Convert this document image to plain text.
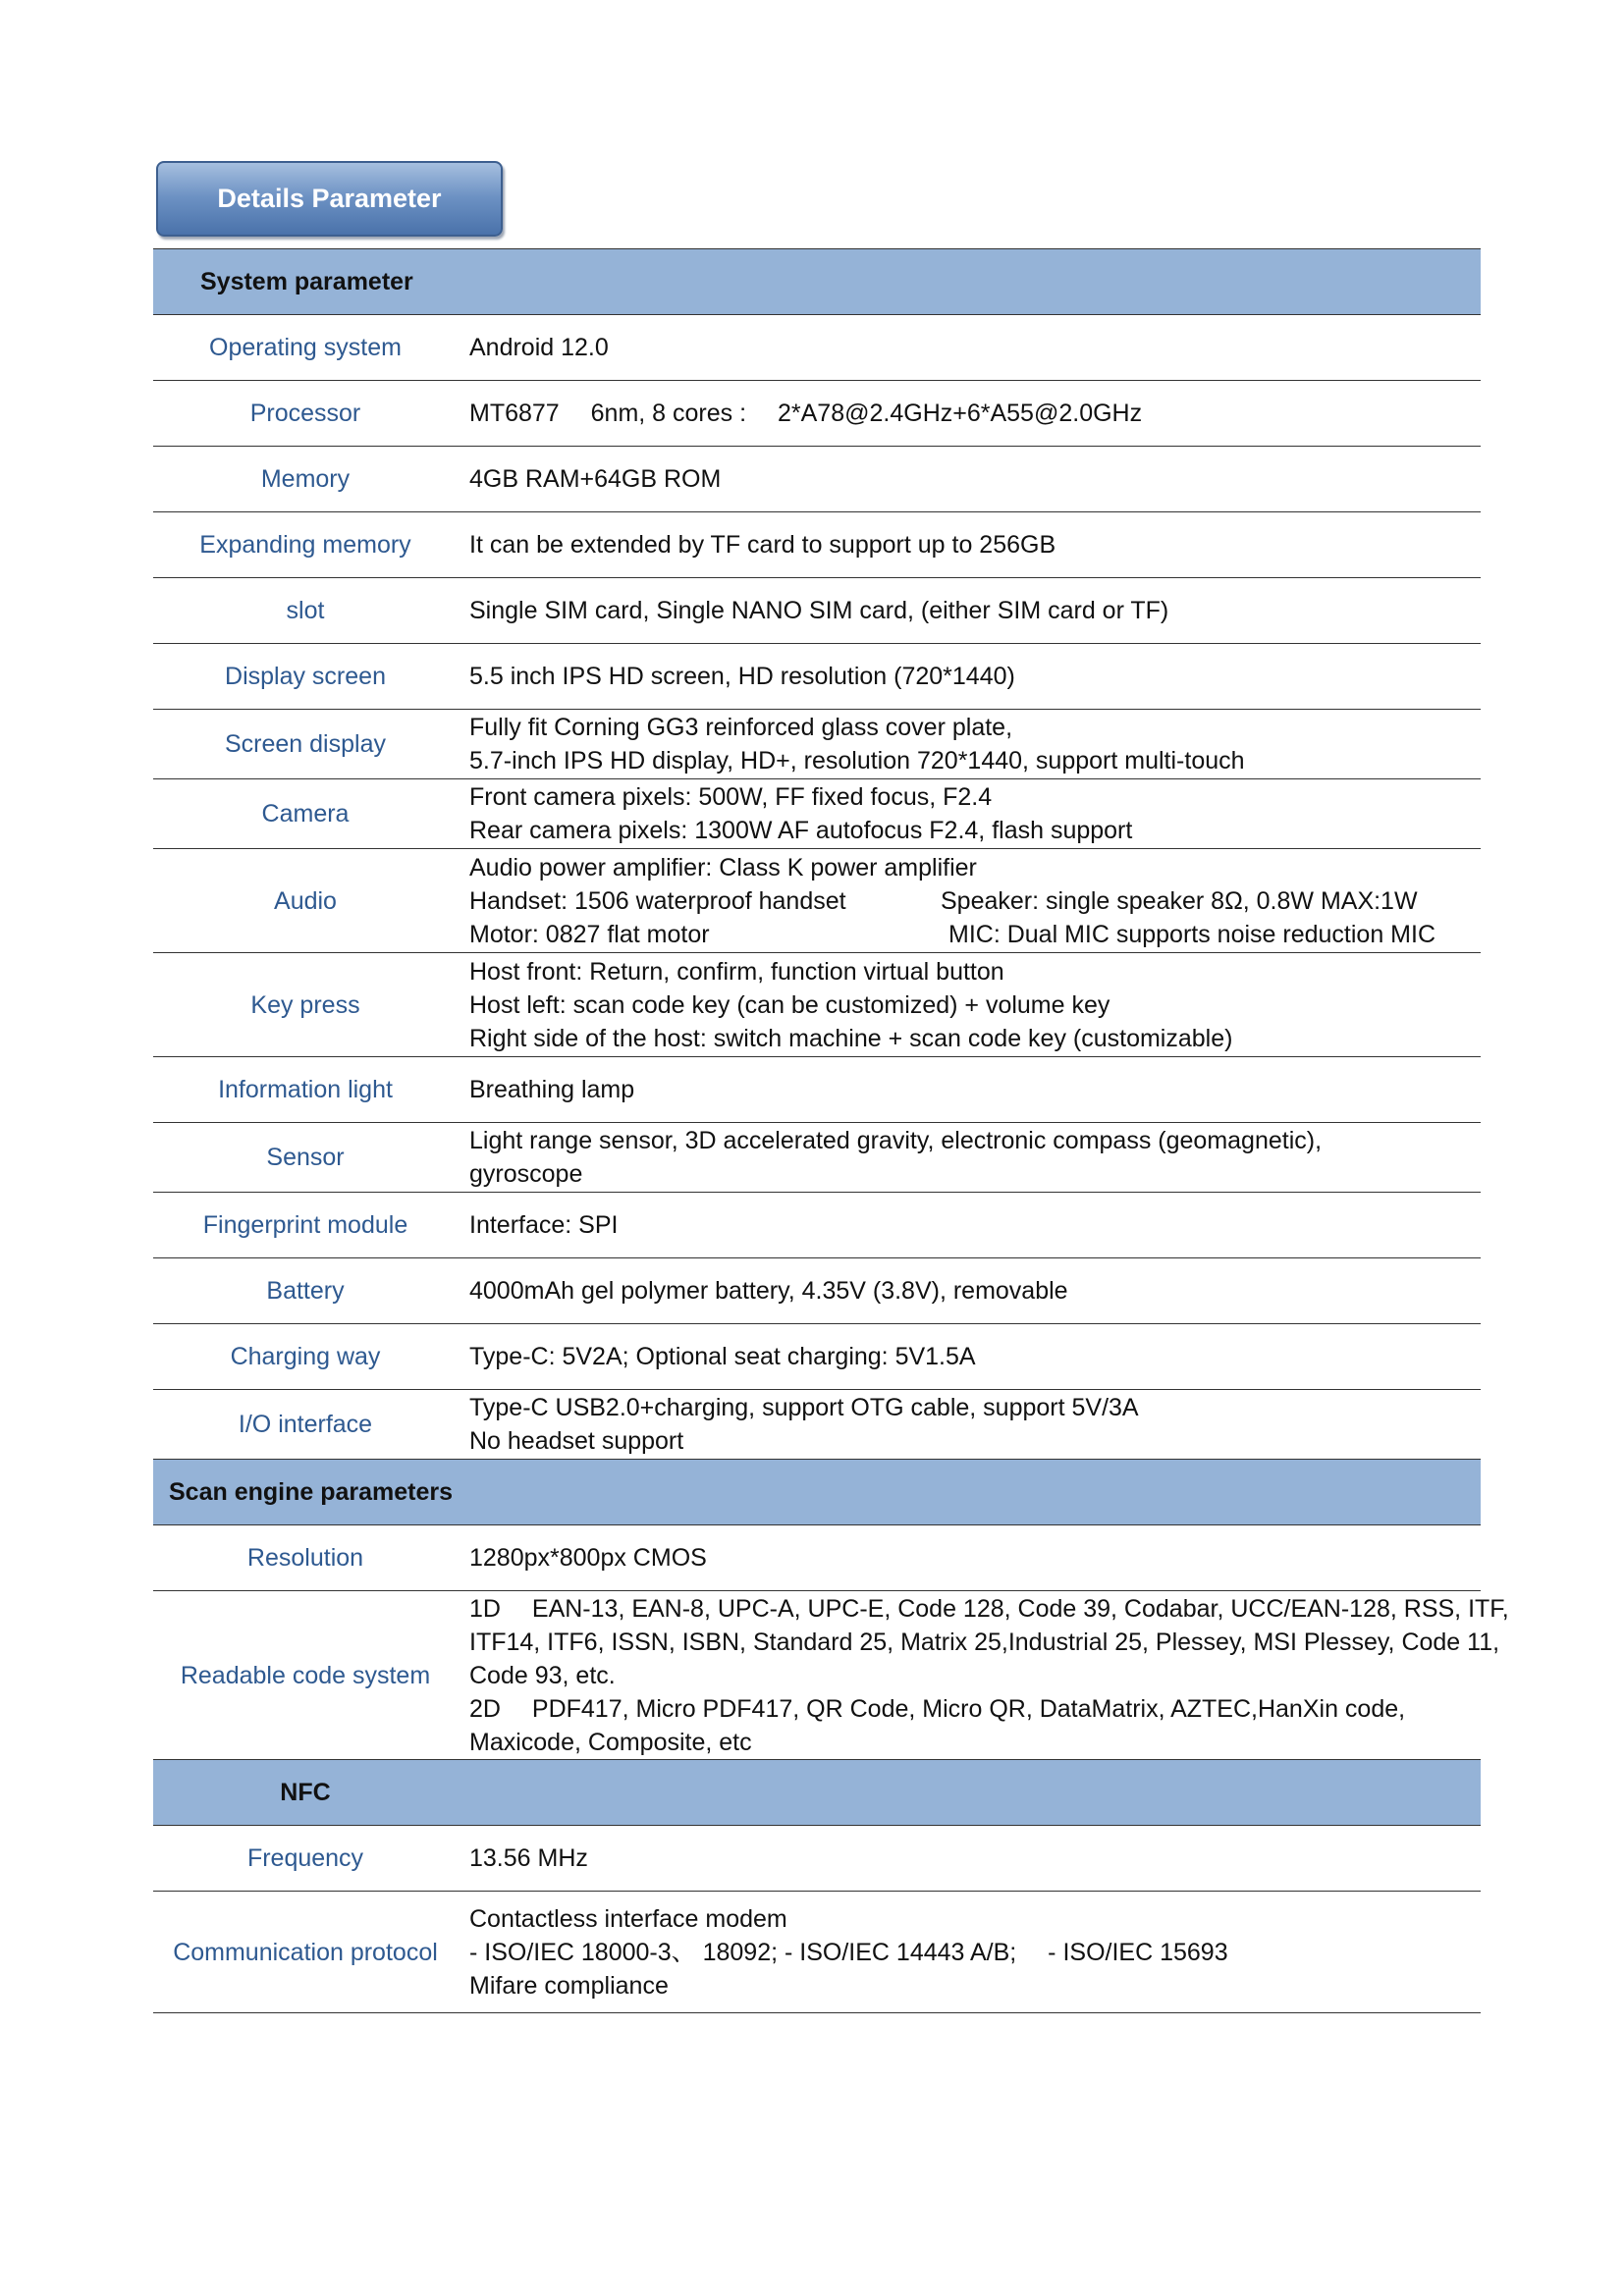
Details Parameter
System parameter	
Operating system	Android 12.0

Processor	MT6877  6nm, 8 cores :  2*A78@2.4GHz+6*A55@2.0GHz

Memory	4GB RAM+64GB ROM

Expanding memory	It can be extended by TF card to support up to 256GB

slot	Single SIM card, Single NANO SIM card, (either SIM card or TF)

Display screen	5.5 inch IPS HD screen, HD resolution (720*1440)

Screen display	Fully fit Corning GG3 reinforced glass cover plate,
5.7-inch IPS HD display, HD+, resolution 720*1440, support multi-touch

Camera	Front camera pixels: 500W, FF fixed focus, F2.4
Rear camera pixels: 1300W AF autofocus F2.4, flash support

Audio	Audio power amplifier: Class K power amplifier
Handset: 1506 waterproof handset Speaker: single speaker 8Ω, 0.8W MAX:1W
Motor: 0827 flat motor MIC: Dual MIC supports noise reduction MIC

Key press	Host front: Return, confirm, function virtual button
Host left: scan code key (can be customized) + volume key
Right side of the host: switch machine + scan code key (customizable)

Information light	Breathing lamp

Sensor	Light range sensor, 3D accelerated gravity, electronic compass (geomagnetic),
gyroscope

Fingerprint module	Interface: SPI

Battery	4000mAh gel polymer battery, 4.35V (3.8V), removable

Charging way	Type-C: 5V2A; Optional seat charging: 5V1.5A

I/O interface	Type-C USB2.0+charging, support OTG cable, support 5V/3A
No headset support

Scan engine parameters	
Resolution	1280px*800px CMOS

Readable code system	1D  EAN-13, EAN-8, UPC-A, UPC-E, Code 128, Code 39, Codabar, UCC/EAN-128, RSS, ITF,
ITF14, ITF6, ISSN, ISBN, Standard 25, Matrix 25,Industrial 25, Plessey, MSI Plessey, Code 11,
Code 93, etc.
2D  PDF417, Micro PDF417, QR Code, Micro QR, DataMatrix, AZTEC,HanXin code,
Maxicode, Composite, etc

NFC	
Frequency	13.56 MHz

Communication protocol	Contactless interface modem
- ISO/IEC 18000-3、 18092; - ISO/IEC 14443 A/B;  - ISO/IEC 15693
Mifare compliance
